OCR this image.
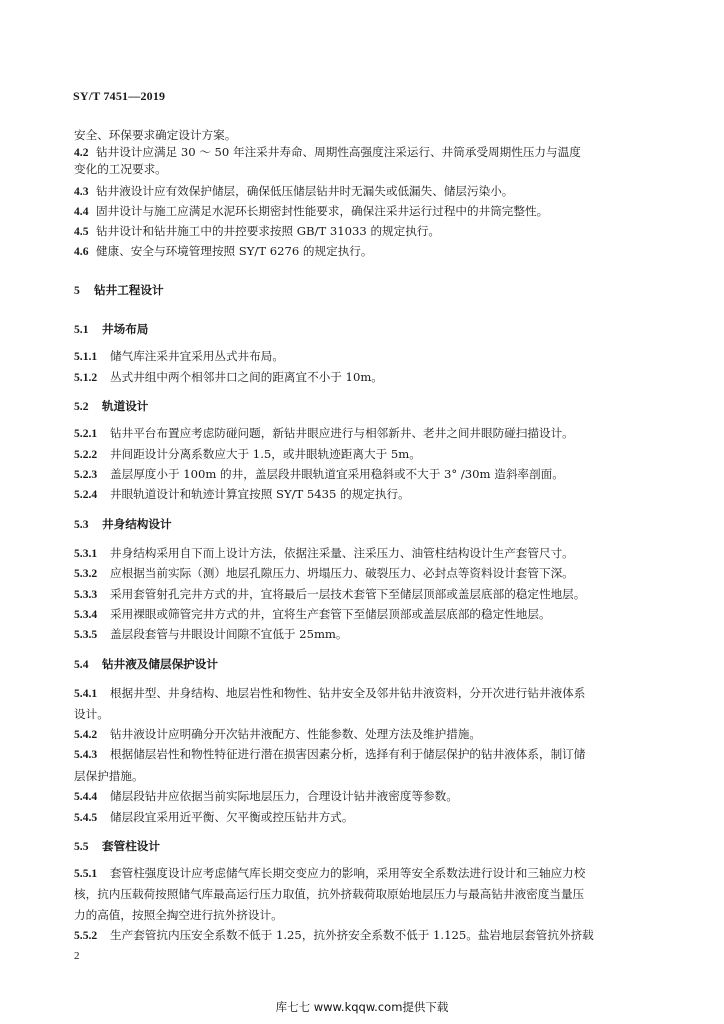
SY/T 7451—2019
安全、环保要求确定设计方案。
4.2 钻井设计应满足 30 ～ 50 年注采井寿命、周期性高强度注采运行、井筒承受周期性压力与温度
变化的工况要求。
4.3 钻井液设计应有效保护储层，确保低压储层钻井时无漏失或低漏失、储层污染小。
4.4 固井设计与施工应满足水泥环长期密封性能要求，确保注采井运行过程中的井筒完整性。
4.5 钻井设计和钻井施工中的井控要求按照 GB/T 31033 的规定执行。
4.6 健康、安全与环境管理按照 SY/T 6276 的规定执行。
5 钻井工程设计
5.1 井场布局
5.1.1 储气库注采井宜采用丛式井布局。
5.1.2 丛式井组中两个相邻井口之间的距离宜不小于 10m。
5.2 轨道设计
5.2.1 钻井平台布置应考虑防碰问题，新钻井眼应进行与相邻新井、老井之间井眼防碰扫描设计。
5.2.2 井间距设计分离系数应大于 1.5，或井眼轨迹距离大于 5m。
5.2.3 盖层厚度小于 100m 的井，盖层段井眼轨道宜采用稳斜或不大于 3° /30m 造斜率剖面。
5.2.4 井眼轨道设计和轨迹计算宜按照 SY/T 5435 的规定执行。
5.3 井身结构设计
5.3.1 井身结构采用自下而上设计方法，依据注采量、注采压力、油管柱结构设计生产套管尺寸。
5.3.2 应根据当前实际（测）地层孔隙压力、坍塌压力、破裂压力、必封点等资料设计套管下深。
5.3.3 采用套管射孔完井方式的井，宜将最后一层技术套管下至储层顶部或盖层底部的稳定性地层。
5.3.4 采用裸眼或筛管完井方式的井，宜将生产套管下至储层顶部或盖层底部的稳定性地层。
5.3.5 盖层段套管与井眼设计间隙不宜低于 25mm。
5.4 钻井液及储层保护设计
5.4.1 根据井型、井身结构、地层岩性和物性、钻井安全及邻井钻井液资料，分开次进行钻井液体系
设计。
5.4.2 钻井液设计应明确分开次钻井液配方、性能参数、处理方法及维护措施。
5.4.3 根据储层岩性和物性特征进行潜在损害因素分析，选择有利于储层保护的钻井液体系，制订储
层保护措施。
5.4.4 储层段钻井应依据当前实际地层压力，合理设计钻井液密度等参数。
5.4.5 储层段宜采用近平衡、欠平衡或控压钻井方式。
5.5 套管柱设计
5.5.1 套管柱强度设计应考虑储气库长期交变应力的影响，采用等安全系数法进行设计和三轴应力校
核，抗内压载荷按照储气库最高运行压力取值，抗外挤载荷取原始地层压力与最高钻井液密度当量压
力的高值，按照全掏空进行抗外挤设计。
5.5.2 生产套管抗内压安全系数不低于 1.25，抗外挤安全系数不低于 1.125。盐岩地层套管抗外挤载
2
库七七 www.kqqw.com提供下载
